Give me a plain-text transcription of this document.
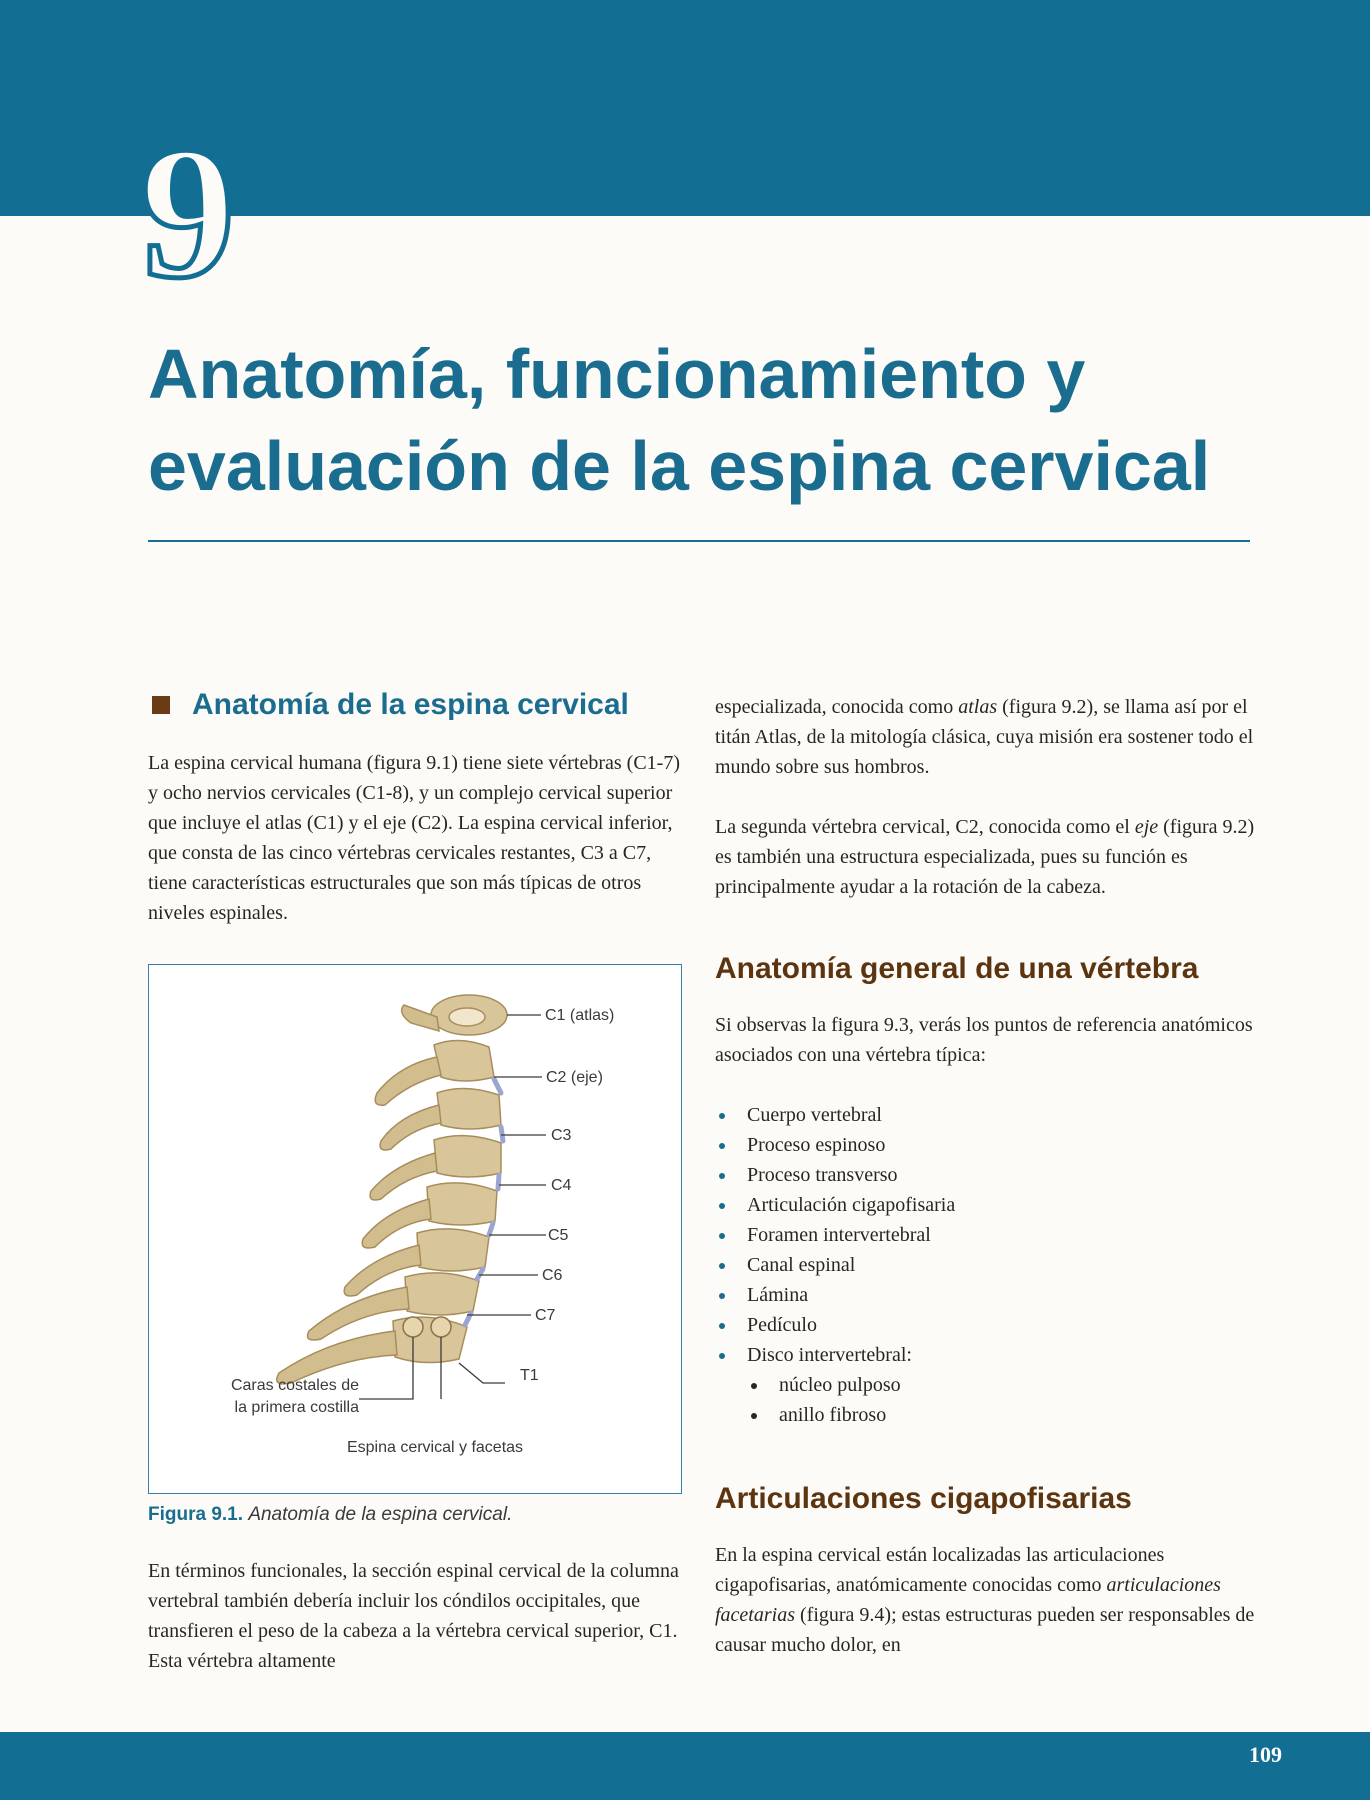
9
Anatomía, funcionamiento y evaluación de la espina cervical
Anatomía de la espina cervical

La espina cervical humana (figura 9.1) tiene siete vértebras (C1-7) y ocho nervios cervicales (C1-8), y un complejo cervical superior que incluye el atlas (C1) y el eje (C2). La espina cervical inferior, que consta de las cinco vértebras cervicales restantes, C3 a C7, tiene características estructurales que son más típicas de otros niveles espinales.

C1 (atlas)
C2 (eje)
C3
C4
C5
C6
C7
T1
Caras costales de
la primera costilla
Espina cervical y facetas
Figura 9.1. Anatomía de la espina cervical.

En términos funcionales, la sección espinal cervical de la columna vertebral también debería incluir los cóndilos occipitales, que transfieren el peso de la cabeza a la vértebra cervical superior, C1. Esta vértebra altamente

especializada, conocida como atlas (figura 9.2), se llama así por el titán Atlas, de la mitología clásica, cuya misión era sostener todo el mundo sobre sus hombros.

La segunda vértebra cervical, C2, conocida como el eje (figura 9.2) es también una estructura especializada, pues su función es principalmente ayudar a la rotación de la cabeza.

Anatomía general de una vértebra

Si observas la figura 9.3, verás los puntos de referencia anatómicos asociados con una vértebra típica:

Cuerpo vertebral
Proceso espinoso
Proceso transverso
Articulación cigapofisaria
Foramen intervertebral
Canal espinal
Lámina
Pedículo
Disco intervertebral:
núcleo pulposo
anillo fibroso
Articulaciones cigapofisarias

En la espina cervical están localizadas las articulaciones cigapofisarias, anatómicamente conocidas como articulaciones facetarias (figura 9.4); estas estructuras pueden ser responsables de causar mucho dolor, en

109
